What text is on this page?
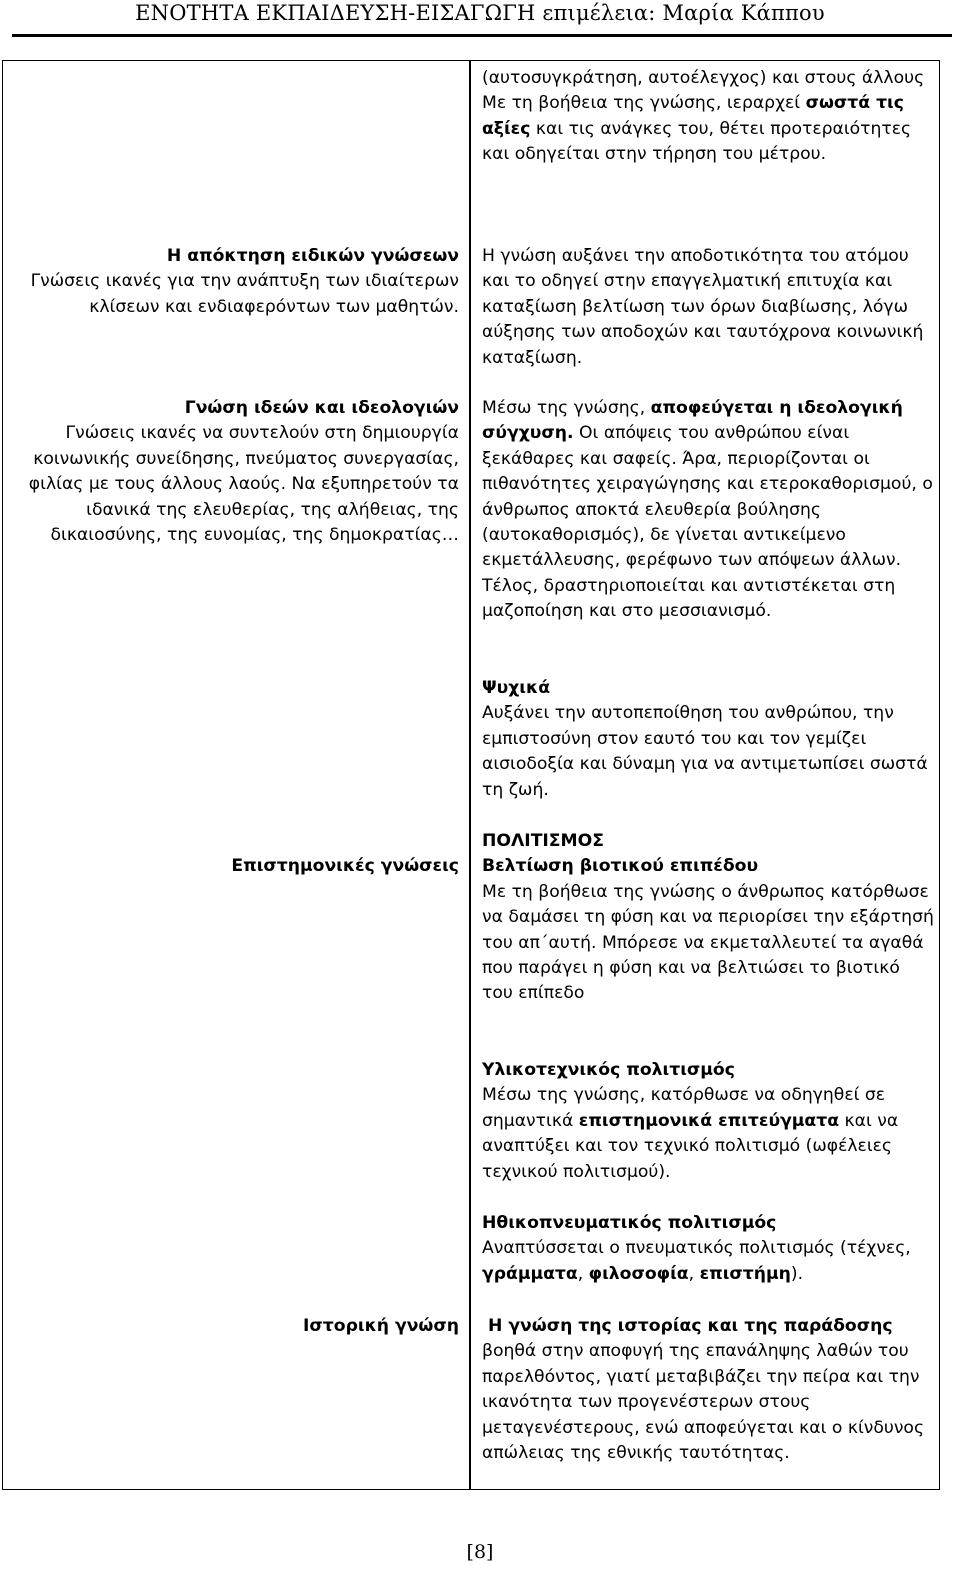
ΕΝΟΤΗΤΑ ΕΚΠΑΙΔΕΥΣΗ-ΕΙΣΑΓΩΓΗ επιμέλεια: Μαρία Κάππου

Η απόκτηση ειδικών γνώσεων

Γνώσεις ικανές για την ανάπτυξη των ιδιαίτερων κλίσεων και ενδιαφερόντων των μαθητών.

Γνώση ιδεών και ιδεολογιών

Γνώσεις ικανές να συντελούν στη δημιουργία κοινωνικής συνείδησης, πνεύματος συνεργασίας, φιλίας με τους άλλους λαούς. Να εξυπηρετούν τα ιδανικά της ελευθερίας, της αλήθειας, της δικαιοσύνης, της ευνομίας, της δημοκρατίας…

Επιστημονικές γνώσεις

Ιστορική γνώση

(αυτοσυγκράτηση, αυτοέλεγχος) και στους άλλους

Με τη βοήθεια της γνώσης, ιεραρχεί σωστά τις αξίες και τις ανάγκες του, θέτει προτεραιότητες και οδηγείται στην τήρηση του μέτρου.

Η γνώση αυξάνει την αποδοτικότητα του ατόμου και το οδηγεί στην επαγγελματική επιτυχία και καταξίωση βελτίωση των όρων διαβίωσης, λόγω αύξησης των αποδοχών και ταυτόχρονα κοινωνική καταξίωση.

Μέσω της γνώσης, αποφεύγεται η ιδεολογική σύγχυση. Οι απόψεις του ανθρώπου είναι ξεκάθαρες και σαφείς. Άρα, περιορίζονται οι πιθανότητες χειραγώγησης και ετεροκαθορισμού, ο άνθρωπος αποκτά ελευθερία βούλησης (αυτοκαθορισμός), δε γίνεται αντικείμενο εκμετάλλευσης, φερέφωνο των απόψεων άλλων. Τέλος, δραστηριοποιείται και αντιστέκεται στη μαζοποίηση και στο μεσσιανισμό.

Ψυχικά

Αυξάνει την αυτοπεποίθηση του ανθρώπου, την εμπιστοσύνη στον εαυτό του και τον γεμίζει αισιοδοξία και δύναμη για να αντιμετωπίσει σωστά τη ζωή.

ΠΟΛΙΤΙΣΜΟΣ

Βελτίωση βιοτικού επιπέδου

Με τη βοήθεια της γνώσης ο άνθρωπος κατόρθωσε να δαμάσει τη φύση και να περιορίσει την εξάρτησή του απ΄αυτή. Μπόρεσε να εκμεταλλευτεί τα αγαθά που παράγει η φύση και να βελτιώσει το βιοτικό του επίπεδο

Υλικοτεχνικός πολιτισμός

Μέσω της γνώσης, κατόρθωσε να οδηγηθεί σε σημαντικά επιστημονικά επιτεύγματα και να αναπτύξει και τον τεχνικό πολιτισμό (ωφέλειες τεχνικού πολιτισμού).

Ηθικοπνευματικός πολιτισμός

Αναπτύσσεται ο πνευματικός πολιτισμός (τέχνες, γράμματα, φιλοσοφία, επιστήμη).

Η γνώση της ιστορίας και της παράδοσης

βοηθά στην αποφυγή της επανάληψης λαθών του παρελθόντος, γιατί μεταβιβάζει την πείρα και την ικανότητα των προγενέστερων στους μεταγενέστερους, ενώ αποφεύγεται και ο κίνδυνος απώλειας της εθνικής ταυτότητας.

[8]
